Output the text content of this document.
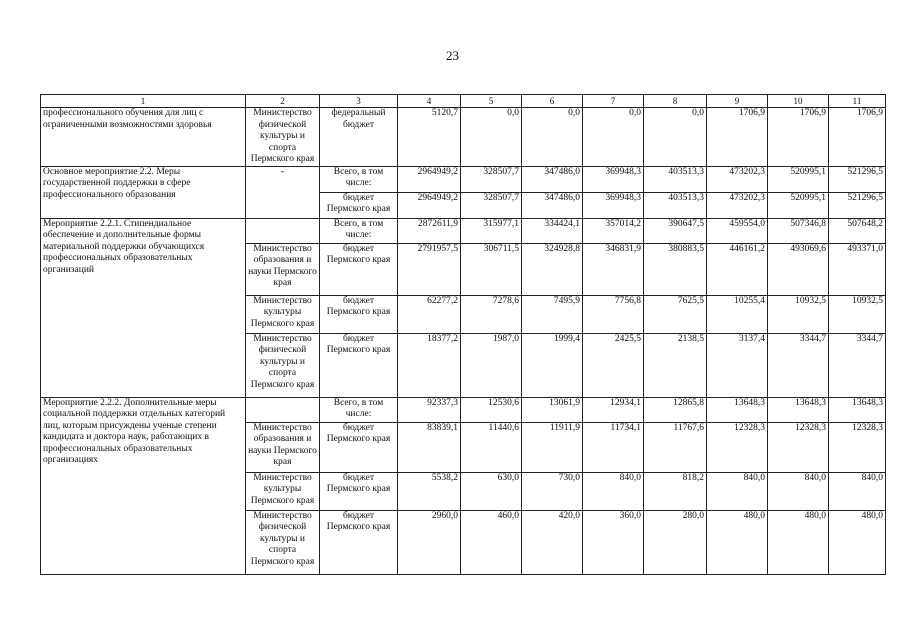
23
1	2	3	4	5	6	7	8	9	10	11
профессионального обучения для лиц с ограниченными возможностями здоровья	Министерство физической культуры и спорта Пермского края	федеральный бюджет	5120,7	0,0	0,0	0,0	0,0	1706,9	1706,9	1706,9
Основное мероприятие 2.2. Меры государственной поддержки в сфере профессионального образования	-	Всего, в том числе:	2964949,2	328507,7	347486,0	369948,3	403513,3	473202,3	520995,1	521296,5
		бюджет Пермского края	2964949,2	328507,7	347486,0	369948,3	403513,3	473202,3	520995,1	521296,5
Мероприятие 2.2.1. Стипендиальное обеспечение и дополнительные формы материальной поддержки обучающихся профессиональных образовательных организаций		Всего, в том числе:	2872611,9	315977,1	334424,1	357014,2	390647,5	459554,0	507346,8	507648,2
	Министерство образования и науки Пермского края	бюджет Пермского края	2791957,5	306711,5	324928,8	346831,9	380883,5	446161,2	493069,6	493371,0
	Министерство культуры Пермского края	бюджет Пермского края	62277,2	7278,6	7495,9	7756,8	7625,5	10255,4	10932,5	10932,5
	Министерство физической культуры и спорта Пермского края	бюджет Пермского края	18377,2	1987,0	1999,4	2425,5	2138,5	3137,4	3344,7	3344,7
Мероприятие 2.2.2. Дополнительные меры социальной поддержки отдельных категорий лиц, которым присуждены ученые степени кандидата и доктора наук, работающих в профессиональных образовательных организациях		Всего, в том числе:	92337,3	12530,6	13061,9	12934,1	12865,8	13648,3	13648,3	13648,3
	Министерство образования и науки Пермского края	бюджет Пермского края	83839,1	11440,6	11911,9	11734,1	11767,6	12328,3	12328,3	12328,3
	Министерство культуры Пермского края	бюджет Пермского края	5538,2	630,0	730,0	840,0	818,2	840,0	840,0	840,0
	Министерство физической культуры и спорта Пермского края	бюджет Пермского края	2960,0	460,0	420,0	360,0	280,0	480,0	480,0	480,0
